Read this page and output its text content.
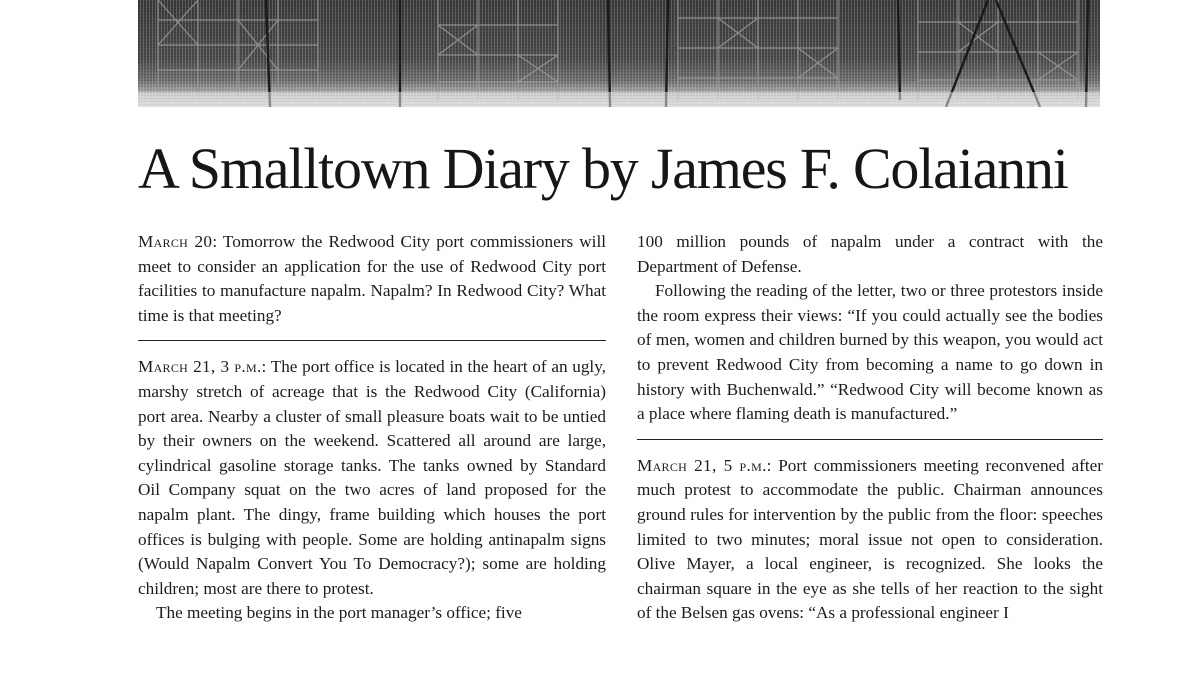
A Smalltown Diary by James F. Colaianni

March 20: Tomorrow the Redwood City port commissioners will meet to consider an application for the use of Redwood City port facilities to manufacture napalm. Napalm? In Redwood City? What time is that meeting?

March 21, 3 p.m.: The port office is located in the heart of an ugly, marshy stretch of acreage that is the Redwood City (California) port area. Nearby a cluster of small pleasure boats wait to be untied by their owners on the weekend. Scattered all around are large, cylindrical gasoline storage tanks. The tanks owned by Standard Oil Company squat on the two acres of land proposed for the napalm plant. The dingy, frame building which houses the port offices is bulging with people. Some are holding antinapalm signs (Would Napalm Convert You To Democracy?); some are holding children; most are there to protest.

The meeting begins in the port manager’s office; five

100 million pounds of napalm under a contract with the Department of Defense.

Following the reading of the letter, two or three protestors inside the room express their views: “If you could actually see the bodies of men, women and children burned by this weapon, you would act to prevent Redwood City from becoming a name to go down in history with Buchenwald.” “Redwood City will become known as a place where flaming death is manufactured.”

March 21, 5 p.m.: Port commissioners meeting reconvened after much protest to accommodate the public. Chairman announces ground rules for intervention by the public from the floor: speeches limited to two minutes; moral issue not open to consideration. Olive Mayer, a local engineer, is recognized. She looks the chairman square in the eye as she tells of her reaction to the sight of the Belsen gas ovens: “As a professional engineer I
